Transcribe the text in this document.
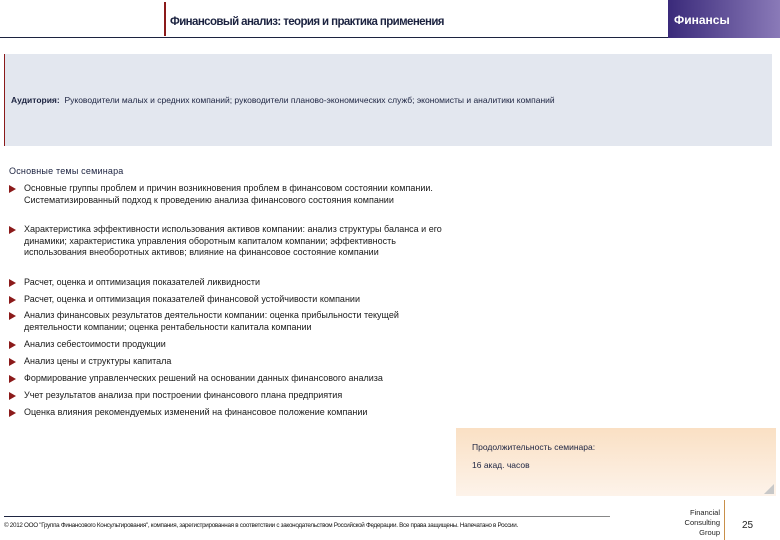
Финансовый анализ: теория и практика применения	Финансы
Аудитория: Руководители малых и средних компаний; руководители планово-экономических служб; экономисты и аналитики компаний
Основные темы семинара
Основные группы проблем и причин возникновения проблем в финансовом состоянии компании. Систематизированный подход к проведению анализа финансового состояния компании
Характеристика эффективности использования активов компании: анализ структуры баланса и его динамики; характеристика управления оборотным капиталом компании; эффективность использования внеоборотных активов; влияние на финансовое состояние компании
Расчет, оценка и оптимизация показателей ликвидности
Расчет, оценка и оптимизация показателей финансовой устойчивости компании
Анализ финансовых результатов деятельности компании: оценка прибыльности текущей деятельности компании; оценка рентабельности капитала компании
Анализ себестоимости продукции
Анализ цены и структуры капитала
Формирование управленческих решений на основании данных финансового анализа
Учет результатов анализа при построении финансового плана предприятия
Оценка влияния рекомендуемых изменений на финансовое положение компании
Продолжительность семинара:
16 акад. часов
© 2012 ООО "Группа Финансового Консультирования", компания, зарегистрированная в соответствии с законодательством Российской Федерации. Все права защищены. Напечатано в России.
Financial
Consulting
Group
25
